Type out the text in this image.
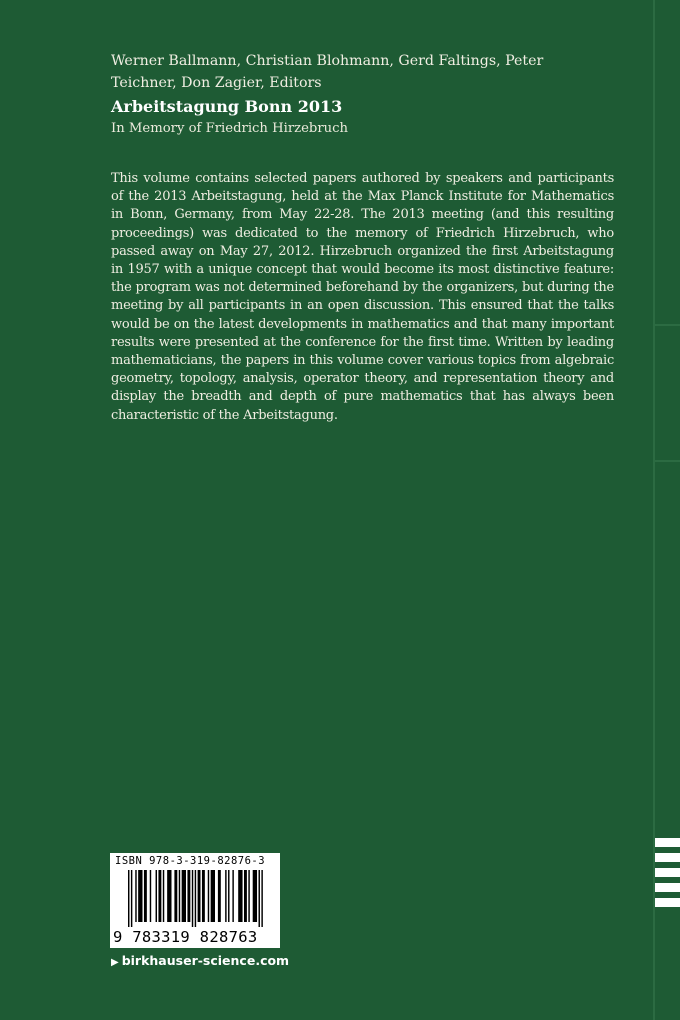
Werner Ballmann, Christian Blohmann, Gerd Faltings, Peter Teichner, Don Zagier, Editors
Arbeitstagung Bonn 2013
In Memory of Friedrich Hirzebruch
This volume contains selected papers authored by speakers and participants of the 2013 Arbeitstagung, held at the Max Planck Institute for Mathematics in Bonn, Germany, from May 22-28. The 2013 meeting (and this resulting proceedings) was dedicated to the memory of Friedrich Hirzebruch, who passed away on May 27, 2012. Hirzebruch organized the first Arbeitstagung in 1957 with a unique concept that would become its most distinctive feature: the program was not determined beforehand by the organizers, but during the meeting by all participants in an open discussion. This ensured that the talks would be on the latest developments in mathematics and that many important results were presented at the conference for the first time. Written by leading mathematicians, the papers in this volume cover various topics from algebraic geometry, topology, analysis, operator theory, and representation theory and display the breadth and depth of pure mathematics that has always been characteristic of the Arbeitstagung.
ISBN 978-3-319-82876-3
9 783319 828763
▶ birkhauser-science.com
